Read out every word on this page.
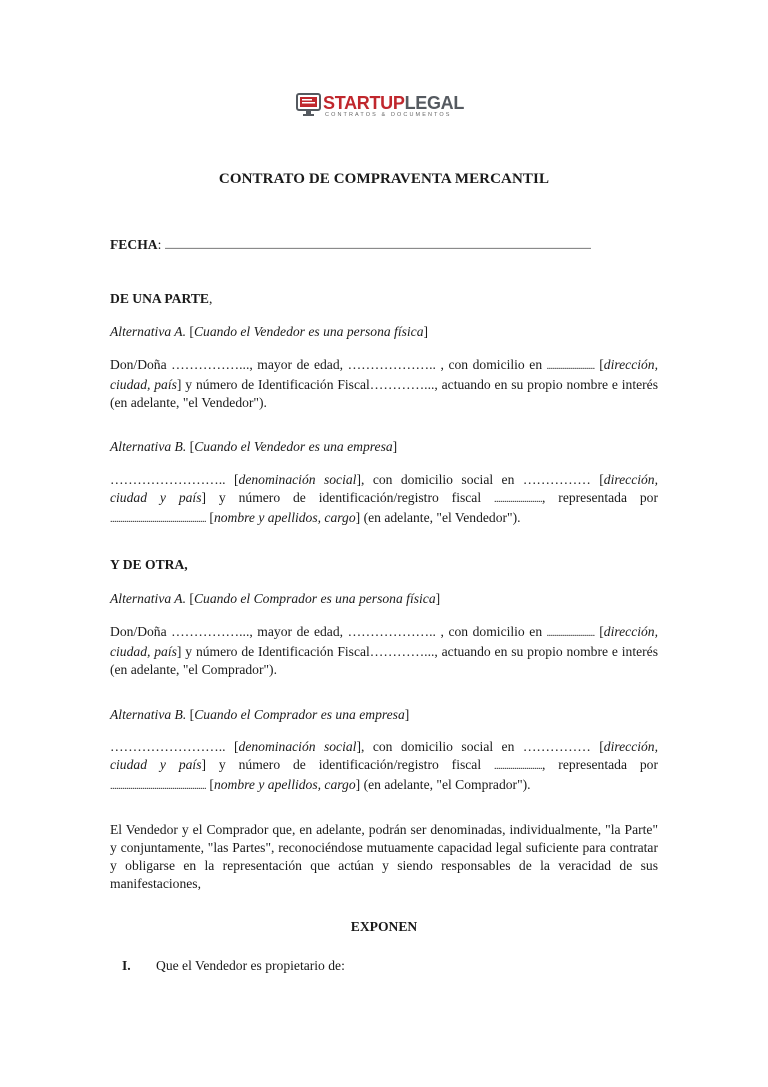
STARTUPLEGAL
CONTRATOS & DOCUMENTOS
CONTRATO DE COMPRAVENTA MERCANTIL
FECHA: .....................................................................................................................................................................................................................
DE UNA PARTE,
Alternativa A. [Cuando el Vendedor es una persona física]
Don/Doña ……………..., mayor de edad, ……………….. , con domicilio en ........................ [dirección, ciudad, país] y número de Identificación Fiscal…………..., actuando en su propio nombre e interés (en adelante, "el Vendedor").
Alternativa B. [Cuando el Vendedor es una empresa]
…………………….. [denominación social], con domicilio social en …………… [dirección, ciudad y país] y número de identificación/registro fiscal ........................, representada por ................................................ [nombre y apellidos, cargo] (en adelante, "el Vendedor").
Y DE OTRA,
Alternativa A. [Cuando el Comprador es una persona física]
Don/Doña ……………..., mayor de edad, ……………….. , con domicilio en ........................ [dirección, ciudad, país] y número de Identificación Fiscal…………..., actuando en su propio nombre e interés (en adelante, "el Comprador").
Alternativa B. [Cuando el Comprador es una empresa]
…………………….. [denominación social], con domicilio social en …………… [dirección, ciudad y país] y número de identificación/registro fiscal ........................, representada por ................................................ [nombre y apellidos, cargo] (en adelante, "el Comprador").
El Vendedor y el Comprador que, en adelante, podrán ser denominadas, individualmente, "la Parte" y conjuntamente, "las Partes", reconociéndose mutuamente capacidad legal suficiente para contratar y obligarse en la representación que actúan y siendo responsables de la veracidad de sus manifestaciones,
EXPONEN
I. Que el Vendedor es propietario de:
